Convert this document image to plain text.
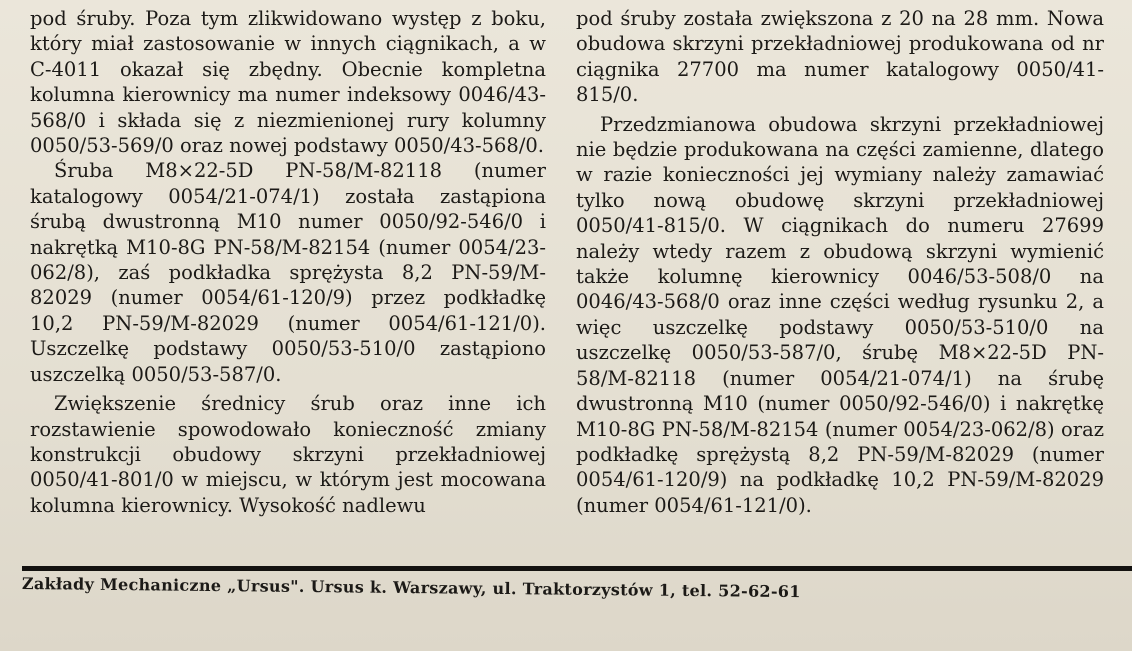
pod śruby. Poza tym zlikwidowano występ z boku, który miał zastosowanie w innych ciągnikach, a w C-4011 okazał się zbędny. Obecnie kompletna kolumna kierownicy ma numer indeksowy 0046/43-568/0 i składa się z niezmienionej rury kolumny 0050/53-569/0 oraz nowej podstawy 0050/43-568/0.

Śruba M8×22-5D PN-58/M-82118 (numer katalogowy 0054/21-074/1) została zastąpiona śrubą dwustronną M10 numer 0050/92-546/0 i nakrętką M10-8G PN-58/M-82154 (numer 0054/23-062/8), zaś podkładka sprężysta 8,2 PN-59/M-82029 (numer 0054/61-120/9) przez podkładkę 10,2 PN-59/M-82029 (numer 0054/61-121/0). Uszczelkę podstawy 0050/53-510/0 zastąpiono uszczelką 0050/53-587/0.

Zwiększenie średnicy śrub oraz inne ich rozstawienie spowodowało konieczność zmiany konstrukcji obudowy skrzyni przekładniowej 0050/41-801/0 w miejscu, w którym jest mocowana kolumna kierownicy. Wysokość nadlewu

pod śruby została zwiększona z 20 na 28 mm. Nowa obudowa skrzyni przekładniowej produkowana od nr ciągnika 27700 ma numer katalogowy 0050/41-815/0.

Przedzmianowa obudowa skrzyni przekładniowej nie będzie produkowana na części zamienne, dlatego w razie konieczności jej wymiany należy zamawiać tylko nową obudowę skrzyni przekładniowej 0050/41-815/0. W ciągnikach do numeru 27699 należy wtedy razem z obudową skrzyni wymienić także kolumnę kierownicy 0046/53-508/0 na 0046/43-568/0 oraz inne części według rysunku 2, a więc uszczelkę podstawy 0050/53-510/0 na uszczelkę 0050/53-587/0, śrubę M8×22-5D PN-58/M-82118 (numer 0054/21-074/1) na śrubę dwustronną M10 (numer 0050/92-546/0) i nakrętkę M10-8G PN-58/M-82154 (numer 0054/23-062/8) oraz podkładkę sprężystą 8,2 PN-59/M-82029 (numer 0054/61-120/9) na podkładkę 10,2 PN-59/M-82029 (numer 0054/61-121/0).

Zakłady Mechaniczne „Ursus". Ursus k. Warszawy, ul. Traktorzystów 1, tel. 52-62-61
